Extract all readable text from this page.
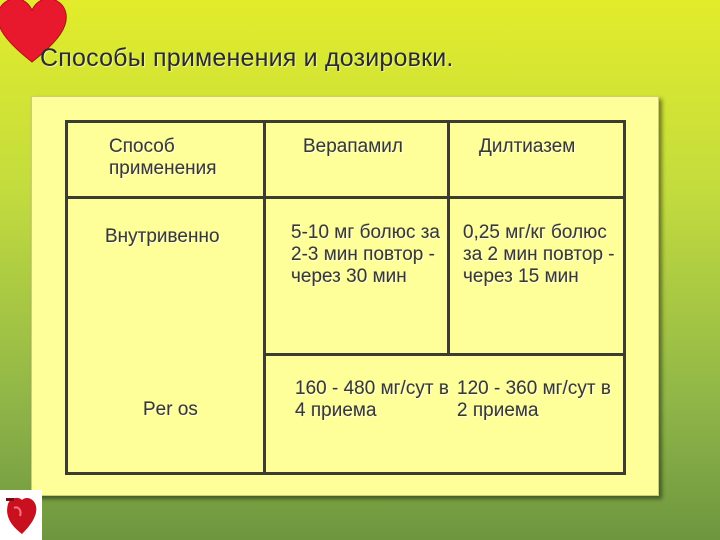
Способы применения и дозировки.
Способ применения
Верапамил	Дилтиазем
Внутривенно	5-10 мг болюс за 2-3 мин повтор - через 30 мин
0,25 мг/кг болюс за 2 мин повтор - через 15 мин
Per os
160 - 480 мг/сут в 4 приема
120 - 360 мг/сут в 2 приема
